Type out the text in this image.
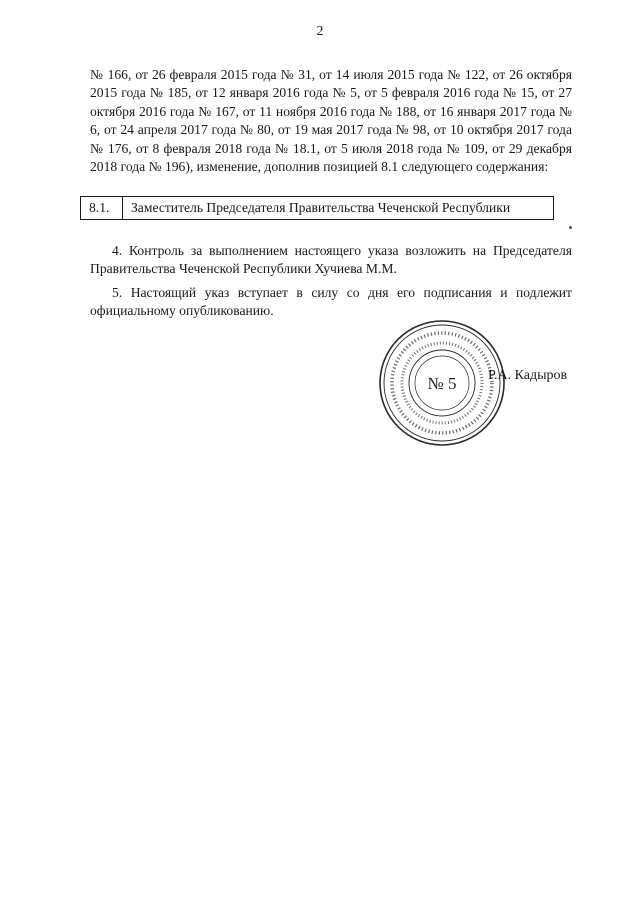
2
№ 166, от 26 февраля 2015 года № 31, от 14 июля 2015 года № 122, от 26 октября 2015 года № 185, от 12 января 2016 года № 5, от 5 февраля 2016 года № 15, от 27 октября 2016 года № 167, от 11 ноября 2016 года № 188, от 16 января 2017 года № 6, от 24 апреля 2017 года № 80, от 19 мая 2017 года № 98, от 10 октября 2017 года № 176, от 8 февраля 2018 года № 18.1, от 5 июля 2018 года № 109, от 29 декабря 2018 года № 196), изменение, дополнив позицией 8.1 следующего содержания:
8.1.	Заместитель Председателя Правительства Чеченской Республики
4. Контроль за выполнением настоящего указа возложить на Председателя Правительства Чеченской Республики Хучиева М.М.
5. Настоящий указ вступает в силу со дня его подписания и подлежит официальному опубликованию.
№ 5 Р.А. Кадыров
